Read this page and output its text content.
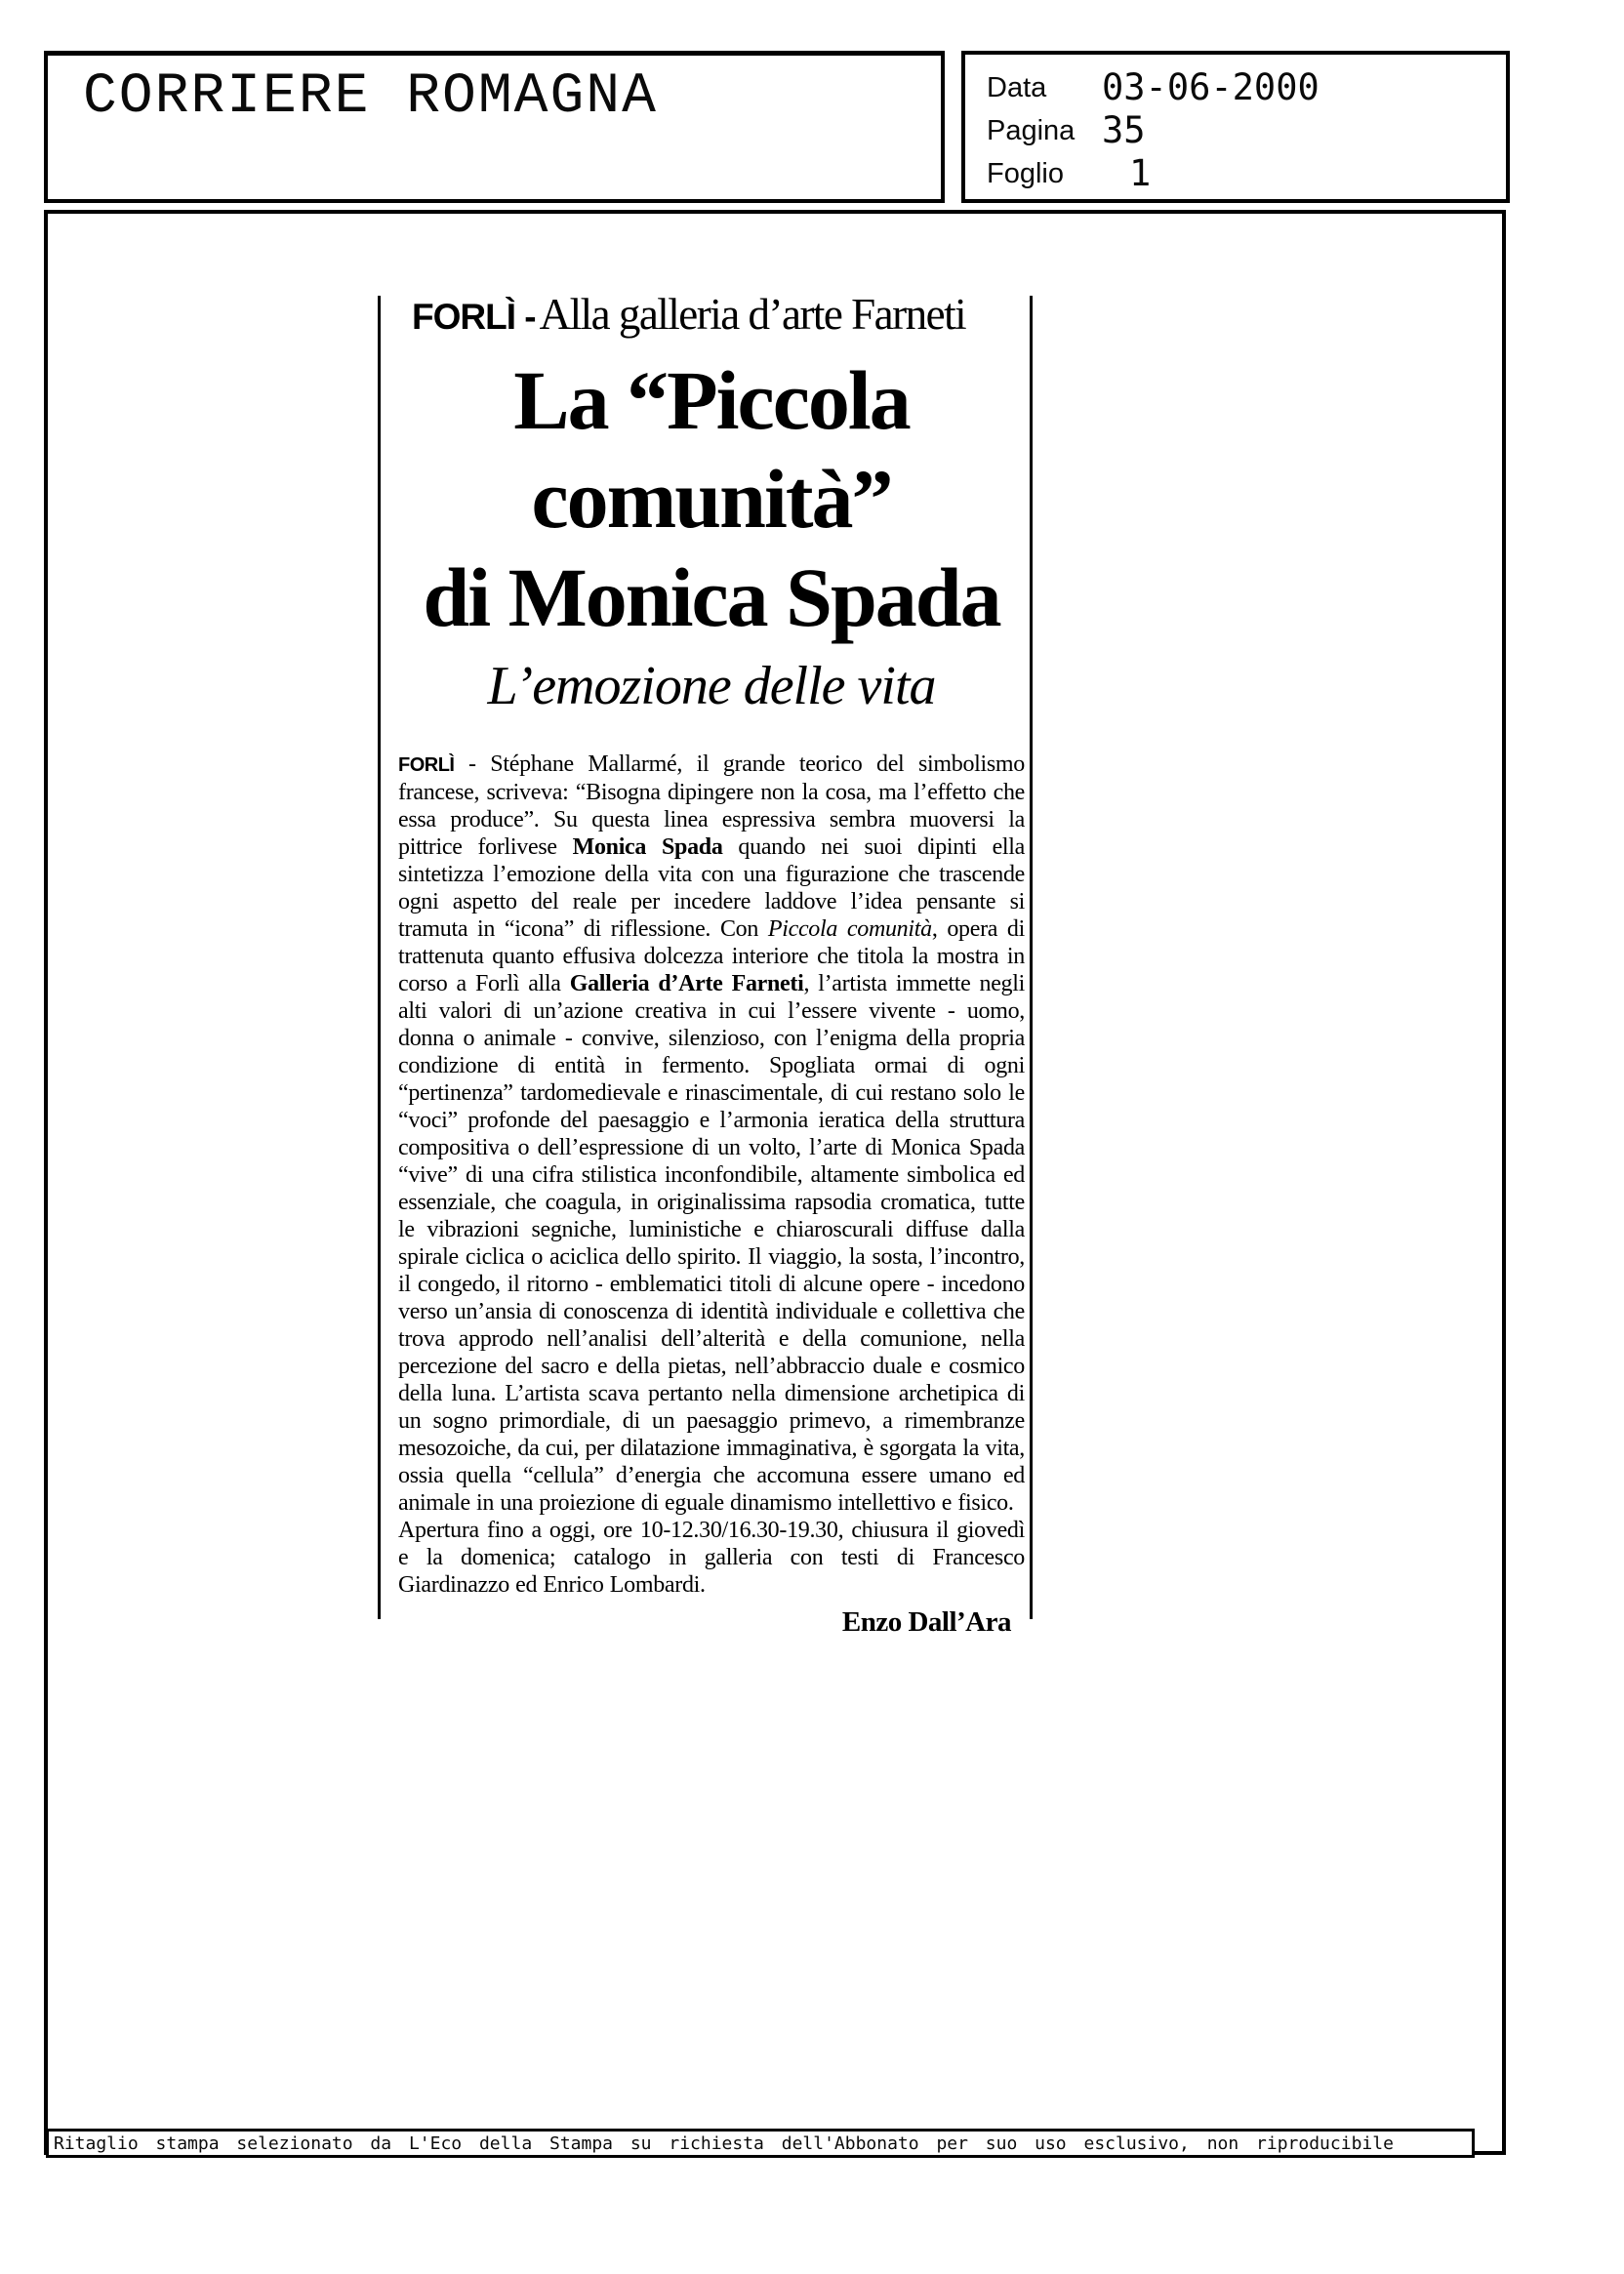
CORRIERE ROMAGNA	Data 03-06-2000
Pagina 35
Foglio 1
FORLÌ - Alla galleria d’arte Farneti
La “Piccola
comunità”
di Monica Spada
L’emozione delle vita

FORLÌ - Stéphane Mallarmé, il grande teorico del simbolismo francese, scriveva: “Bisogna dipingere non la cosa, ma l’effetto che essa produce”. Su questa linea espressiva sembra muoversi la pittrice forlivese Monica Spada quando nei suoi dipinti ella sintetizza l’emozione della vita con una figurazione che trascende ogni aspetto del reale per incedere laddove l’idea pensante si tramuta in “icona” di riflessione. Con Piccola comunità, opera di trattenuta quanto effusiva dolcezza interiore che titola la mostra in corso a Forlì alla Galleria d’Arte Farneti, l’artista immette negli alti valori di un’azione creativa in cui l’essere vivente - uomo, donna o animale - convive, silenzioso, con l’enigma della propria condizione di entità in fermento. Spogliata ormai di ogni “pertinenza” tardomedievale e rinascimentale, di cui restano solo le “voci” profonde del paesaggio e l’armonia ieratica della struttura compositiva o dell’espressione di un volto, l’arte di Monica Spada “vive” di una cifra stilistica inconfondibile, altamente simbolica ed essenziale, che coagula, in originalissima rapsodia cromatica, tutte le vibrazioni segniche, luministiche e chiaroscurali diffuse dalla spirale ciclica o aciclica dello spirito. Il viaggio, la sosta, l’incontro, il congedo, il ritorno - emblematici titoli di alcune opere - incedono verso un’ansia di conoscenza di identità individuale e collettiva che trova approdo nell’analisi dell’alterità e della comunione, nella percezione del sacro e della pietas, nell’abbraccio duale e cosmico della luna. L’artista scava pertanto nella dimensione archetipica di un sogno primordiale, di un paesaggio primevo, a rimembranze mesozoiche, da cui, per dilatazione immaginativa, è sgorgata la vita, ossia quella “cellula” d’energia che accomuna essere umano ed animale in una proiezione di eguale dinamismo intellettivo e fisico.

Apertura fino a oggi, ore 10-12.30/16.30-19.30, chiusura il giovedì e la domenica; catalogo in galleria con testi di Francesco Giardinazzo ed Enrico Lombardi.

Enzo Dall’Ara
Ritaglio stampa selezionato da L'Eco della Stampa su richiesta dell'Abbonato per suo uso esclusivo, non riproducibile
